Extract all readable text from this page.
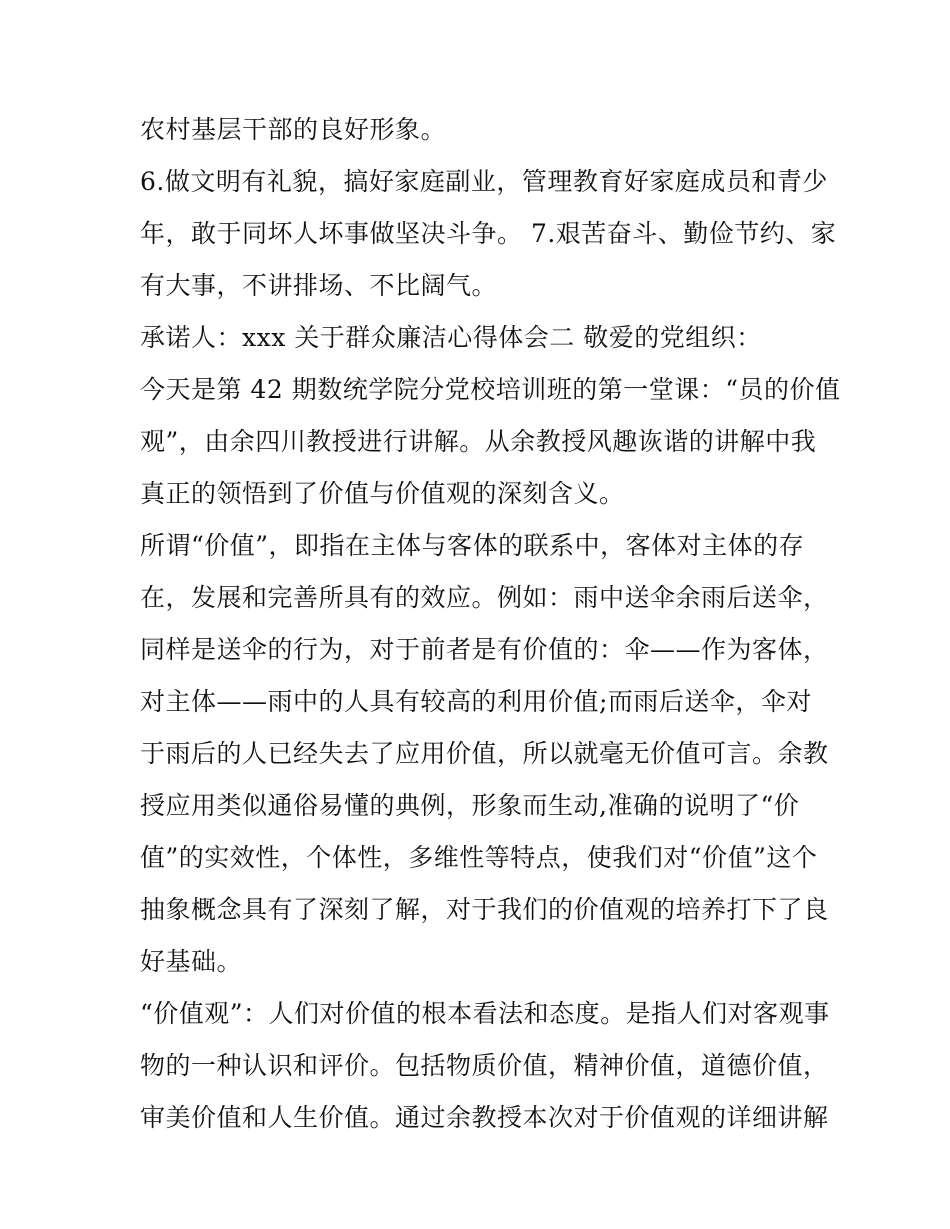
农村基层干部的良好形象。
6.做文明有礼貌，搞好家庭副业，管理教育好家庭成员和青少
年，敢于同坏人坏事做坚决斗争。 7.艰苦奋斗、勤俭节约、家
有大事，不讲排场、不比阔气。
承诺人：xxx 关于群众廉洁心得体会二 敬爱的党组织：
今天是第 42 期数统学院分党校培训班的第一堂课：“员的价值
观”，由余四川教授进行讲解。从余教授风趣诙谐的讲解中我
真正的领悟到了价值与价值观的深刻含义。
所谓“价值”，即指在主体与客体的联系中，客体对主体的存
在，发展和完善所具有的效应。例如：雨中送伞余雨后送伞，
同样是送伞的行为，对于前者是有价值的：伞——作为客体，
对主体——雨中的人具有较高的利用价值;而雨后送伞，伞对
于雨后的人已经失去了应用价值，所以就毫无价值可言。余教
授应用类似通俗易懂的典例，形象而生动,准确的说明了“价
值”的实效性，个体性，多维性等特点，使我们对“价值”这个
抽象概念具有了深刻了解，对于我们的价值观的培养打下了良
好基础。
“价值观”：人们对价值的根本看法和态度。是指人们对客观事
物的一种认识和评价。包括物质价值，精神价值，道德价值，
审美价值和人生价值。通过余教授本次对于价值观的详细讲解
